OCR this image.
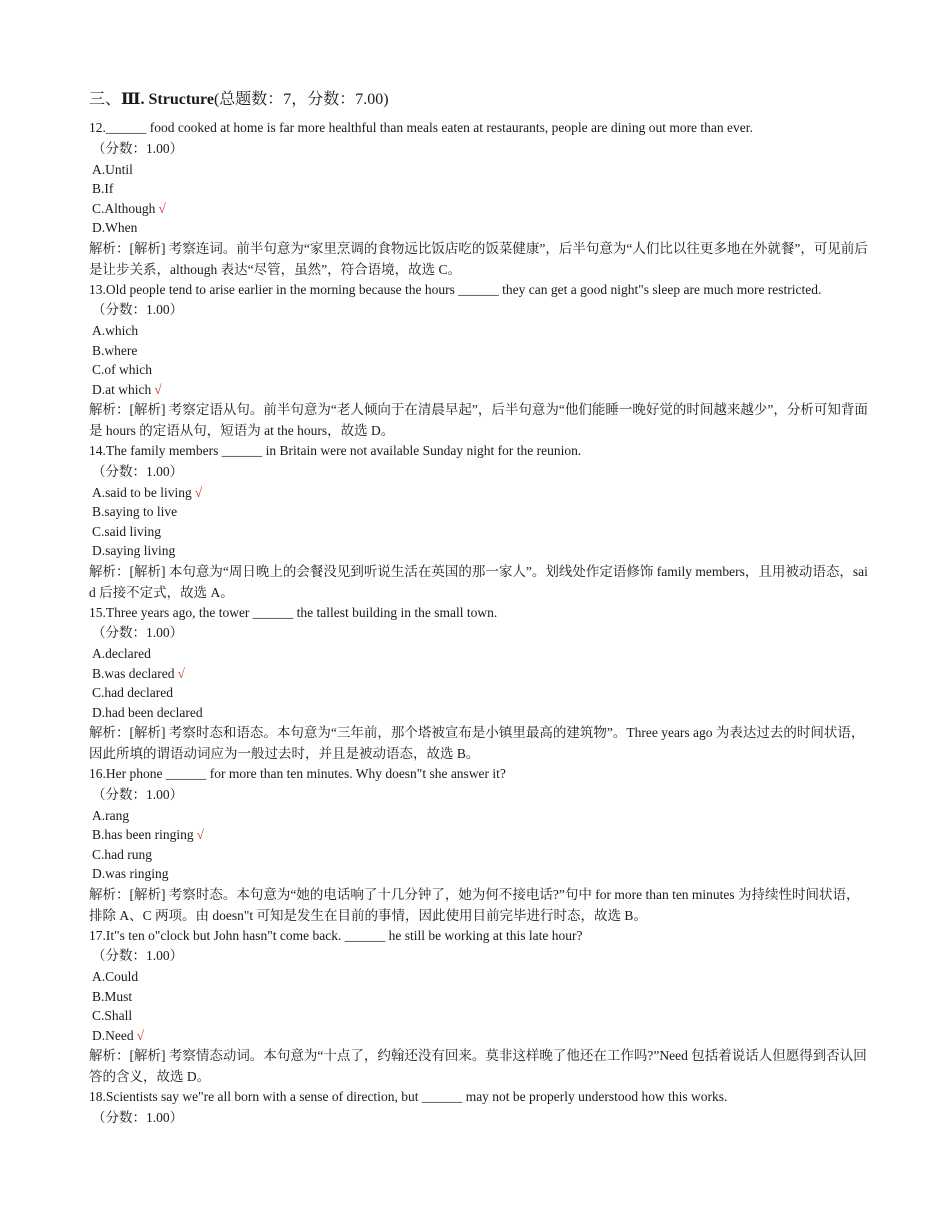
三、Ⅲ. Structure(总题数：7，分数：7.00)
12.______ food cooked at home is far more healthful than meals eaten at restaurants, people are dining out more than ever.
（分数：1.00）
A.Until
B.If
C.Although √
D.When
解析：[解析] 考察连词。前半句意为“家里烹调的食物远比饭店吃的饭菜健康”，后半句意为“人们比以往更多地在外就餐”，可见前后是让步关系，although 表达“尽管，虽然”，符合语境，故选 C。
13.Old people tend to arise earlier in the morning because the hours ______ they can get a good night"s sleep are much more restricted.
（分数：1.00）
A.which
B.where
C.of which
D.at which √
解析：[解析] 考察定语从句。前半句意为“老人倾向于在清晨早起”，后半句意为“他们能睡一晚好觉的时间越来越少”，分析可知背面是 hours 的定语从句，短语为 at the hours，故选 D。
14.The family members ______ in Britain were not available Sunday night for the reunion.
（分数：1.00）
A.said to be living √
B.saying to live
C.said living
D.saying living
解析：[解析] 本句意为“周日晚上的会餐没见到听说生活在英国的那一家人”。划线处作定语修饰 family members，且用被动语态，said 后接不定式，故选 A。
15.Three years ago, the tower ______ the tallest building in the small town.
（分数：1.00）
A.declared
B.was declared √
C.had declared
D.had been declared
解析：[解析] 考察时态和语态。本句意为“三年前，那个塔被宣布是小镇里最高的建筑物”。Three years ago 为表达过去的时间状语，因此所填的谓语动词应为一般过去时，并且是被动语态，故选 B。
16.Her phone ______ for more than ten minutes. Why doesn"t she answer it?
（分数：1.00）
A.rang
B.has been ringing √
C.had rung
D.was ringing
解析：[解析] 考察时态。本句意为“她的电话响了十几分钟了，她为何不接电话?”句中 for more than ten minutes 为持续性时间状语，排除 A、C 两项。由 doesn"t 可知是发生在目前的事情，因此使用目前完毕进行时态，故选 B。
17.It"s ten o"clock but John hasn"t come back. ______ he still be working at this late hour?
（分数：1.00）
A.Could
B.Must
C.Shall
D.Need √
解析：[解析] 考察情态动词。本句意为“十点了，约翰还没有回来。莫非这样晚了他还在工作吗?”Need 包括着说话人但愿得到否认回答的含义，故选 D。
18.Scientists say we"re all born with a sense of direction, but ______ may not be properly understood how this works.
（分数：1.00）
